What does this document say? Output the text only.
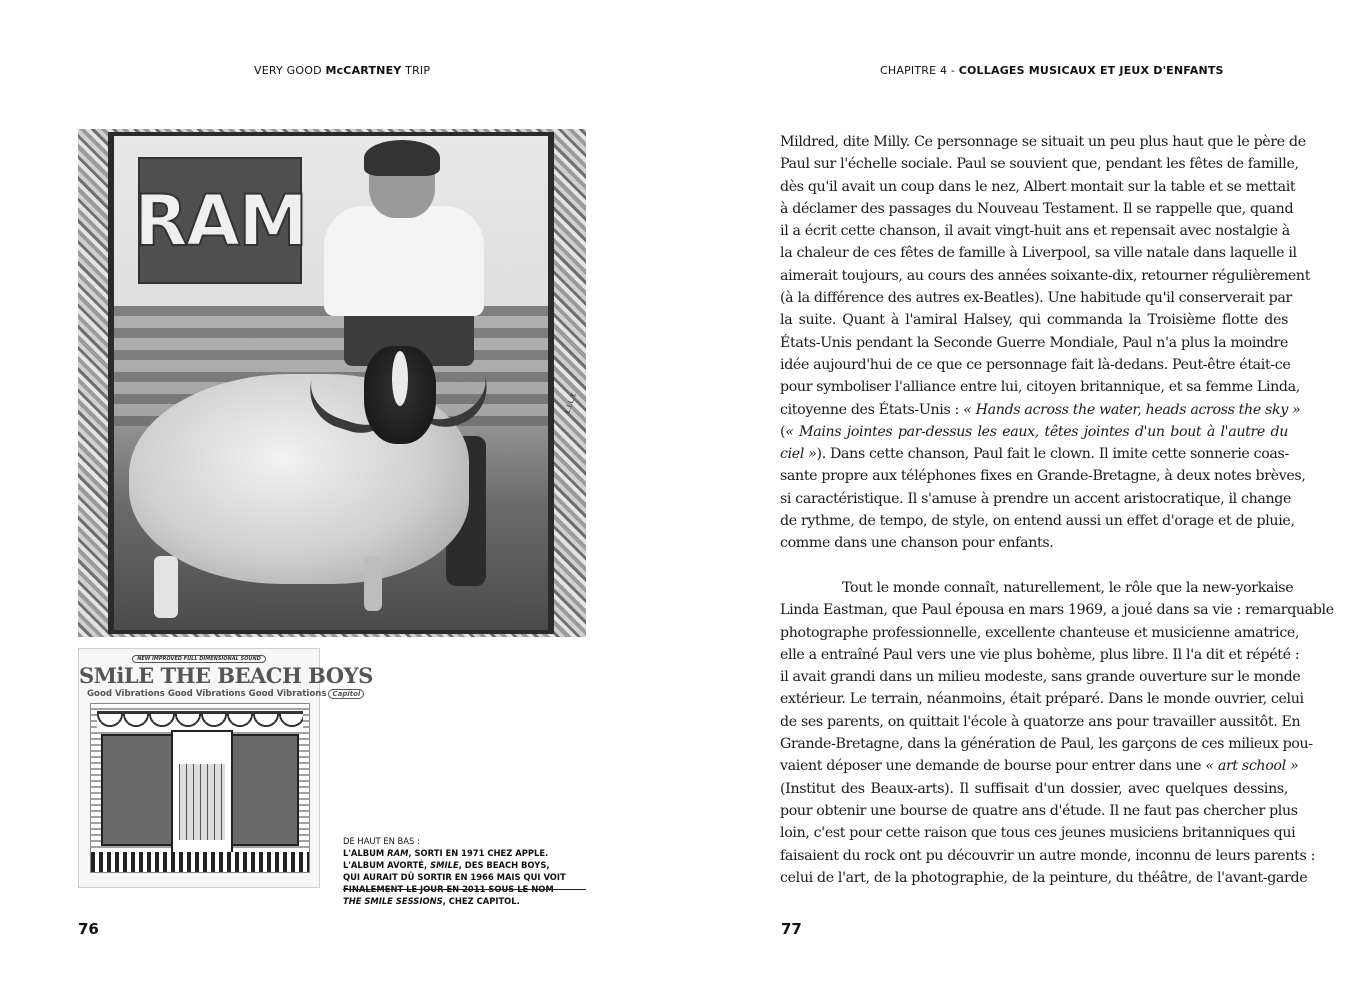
VERY GOOD McCARTNEY TRIP
RAM
L.I.L.Y.
NEW IMPROVED FULL DIMENSIONAL SOUND
SMiLE THE BEACH BOYS
Good Vibrations Good Vibrations Good Vibrations Capitol
DE HAUT EN BAS :
L'ALBUM RAM, SORTI EN 1971 CHEZ APPLE.
L'ALBUM AVORTÉ, SMILE, DES BEACH BOYS,
QUI AURAIT DÛ SORTIR EN 1966 MAIS QUI VOIT
FINALEMENT LE JOUR EN 2011 SOUS LE NOM
THE SMILE SESSIONS, CHEZ CAPITOL.
76
CHAPITRE 4 - COLLAGES MUSICAUX ET JEUX D'ENFANTS

Mildred, dite Milly. Ce personnage se situait un peu plus haut que le père de
Paul sur l'échelle sociale. Paul se souvient que, pendant les fêtes de famille,
dès qu'il avait un coup dans le nez, Albert montait sur la table et se mettait
à déclamer des passages du Nouveau Testament. Il se rappelle que, quand
il a écrit cette chanson, il avait vingt-huit ans et repensait avec nostalgie à
la chaleur de ces fêtes de famille à Liverpool, sa ville natale dans laquelle il
aimerait toujours, au cours des années soixante-dix, retourner régulièrement
(à la différence des autres ex-Beatles). Une habitude qu'il conserverait par
la suite. Quant à l'amiral Halsey, qui commanda la Troisième flotte des
États-Unis pendant la Seconde Guerre Mondiale, Paul n'a plus la moindre
idée aujourd'hui de ce que ce personnage fait là-dedans. Peut-être était-ce
pour symboliser l'alliance entre lui, citoyen britannique, et sa femme Linda,
citoyenne des États-Unis : « Hands across the water, heads across the sky »
(« Mains jointes par-dessus les eaux, têtes jointes d'un bout à l'autre du
ciel »). Dans cette chanson, Paul fait le clown. Il imite cette sonnerie coas-
sante propre aux téléphones fixes en Grande-Bretagne, à deux notes brèves,
si caractéristique. Il s'amuse à prendre un accent aristocratique, il change
de rythme, de tempo, de style, on entend aussi un effet d'orage et de pluie,
comme dans une chanson pour enfants.

Tout le monde connaît, naturellement, le rôle que la new-yorkaise
Linda Eastman, que Paul épousa en mars 1969, a joué dans sa vie : remarquable
photographe professionnelle, excellente chanteuse et musicienne amatrice,
elle a entraîné Paul vers une vie plus bohème, plus libre. Il l'a dit et répété :
il avait grandi dans un milieu modeste, sans grande ouverture sur le monde
extérieur. Le terrain, néanmoins, était préparé. Dans le monde ouvrier, celui
de ses parents, on quittait l'école à quatorze ans pour travailler aussitôt. En
Grande-Bretagne, dans la génération de Paul, les garçons de ces milieux pou-
vaient déposer une demande de bourse pour entrer dans une « art school »
(Institut des Beaux-arts). Il suffisait d'un dossier, avec quelques dessins,
pour obtenir une bourse de quatre ans d'étude. Il ne faut pas chercher plus
loin, c'est pour cette raison que tous ces jeunes musiciens britanniques qui
faisaient du rock ont pu découvrir un autre monde, inconnu de leurs parents :
celui de l'art, de la photographie, de la peinture, du théâtre, de l'avant-garde

77
